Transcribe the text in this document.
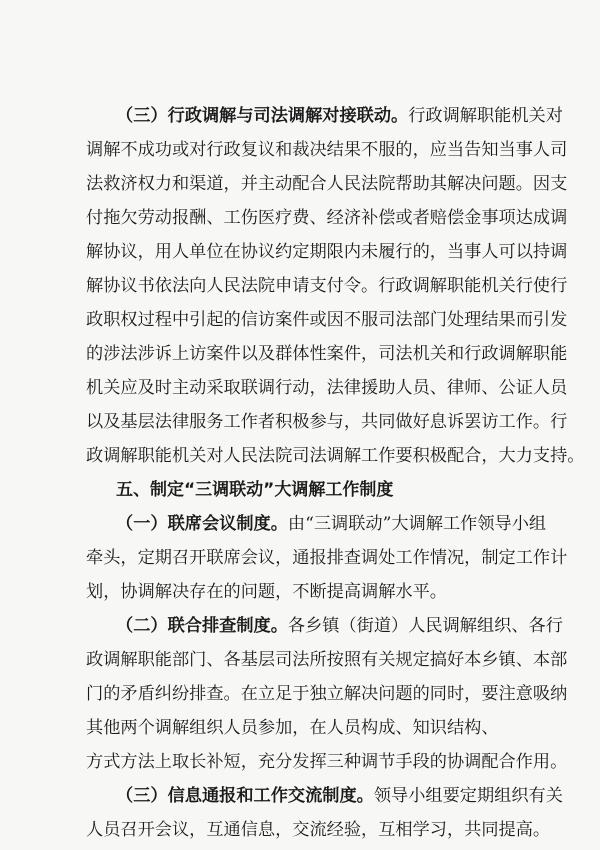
（三）行政调解与司法调解对接联动。行政调解职能机关对
调解不成功或对行政复议和裁决结果不服的，应当告知当事人司
法救济权力和渠道，并主动配合人民法院帮助其解决问题。因支
付拖欠劳动报酬、工伤医疗费、经济补偿或者赔偿金事项达成调
解协议，用人单位在协议约定期限内未履行的，当事人可以持调
解协议书依法向人民法院申请支付令。行政调解职能机关行使行
政职权过程中引起的信访案件或因不服司法部门处理结果而引发
的涉法涉诉上访案件以及群体性案件，司法机关和行政调解职能
机关应及时主动采取联调行动，法律援助人员、律师、公证人员
以及基层法律服务工作者积极参与，共同做好息诉罢访工作。行
政调解职能机关对人民法院司法调解工作要积极配合，大力支持。
五、制定“三调联动”大调解工作制度
（一）联席会议制度。由“三调联动”大调解工作领导小组
牵头，定期召开联席会议，通报排查调处工作情况，制定工作计
划，协调解决存在的问题，不断提高调解水平。
（二）联合排查制度。各乡镇（街道）人民调解组织、各行
政调解职能部门、各基层司法所按照有关规定搞好本乡镇、本部
门的矛盾纠纷排查。在立足于独立解决问题的同时，要注意吸纳
其他两个调解组织人员参加，在人员构成、知识结构、
方式方法上取长补短，充分发挥三种调节手段的协调配合作用。
（三）信息通报和工作交流制度。领导小组要定期组织有关
人员召开会议，互通信息，交流经验，互相学习，共同提高。
